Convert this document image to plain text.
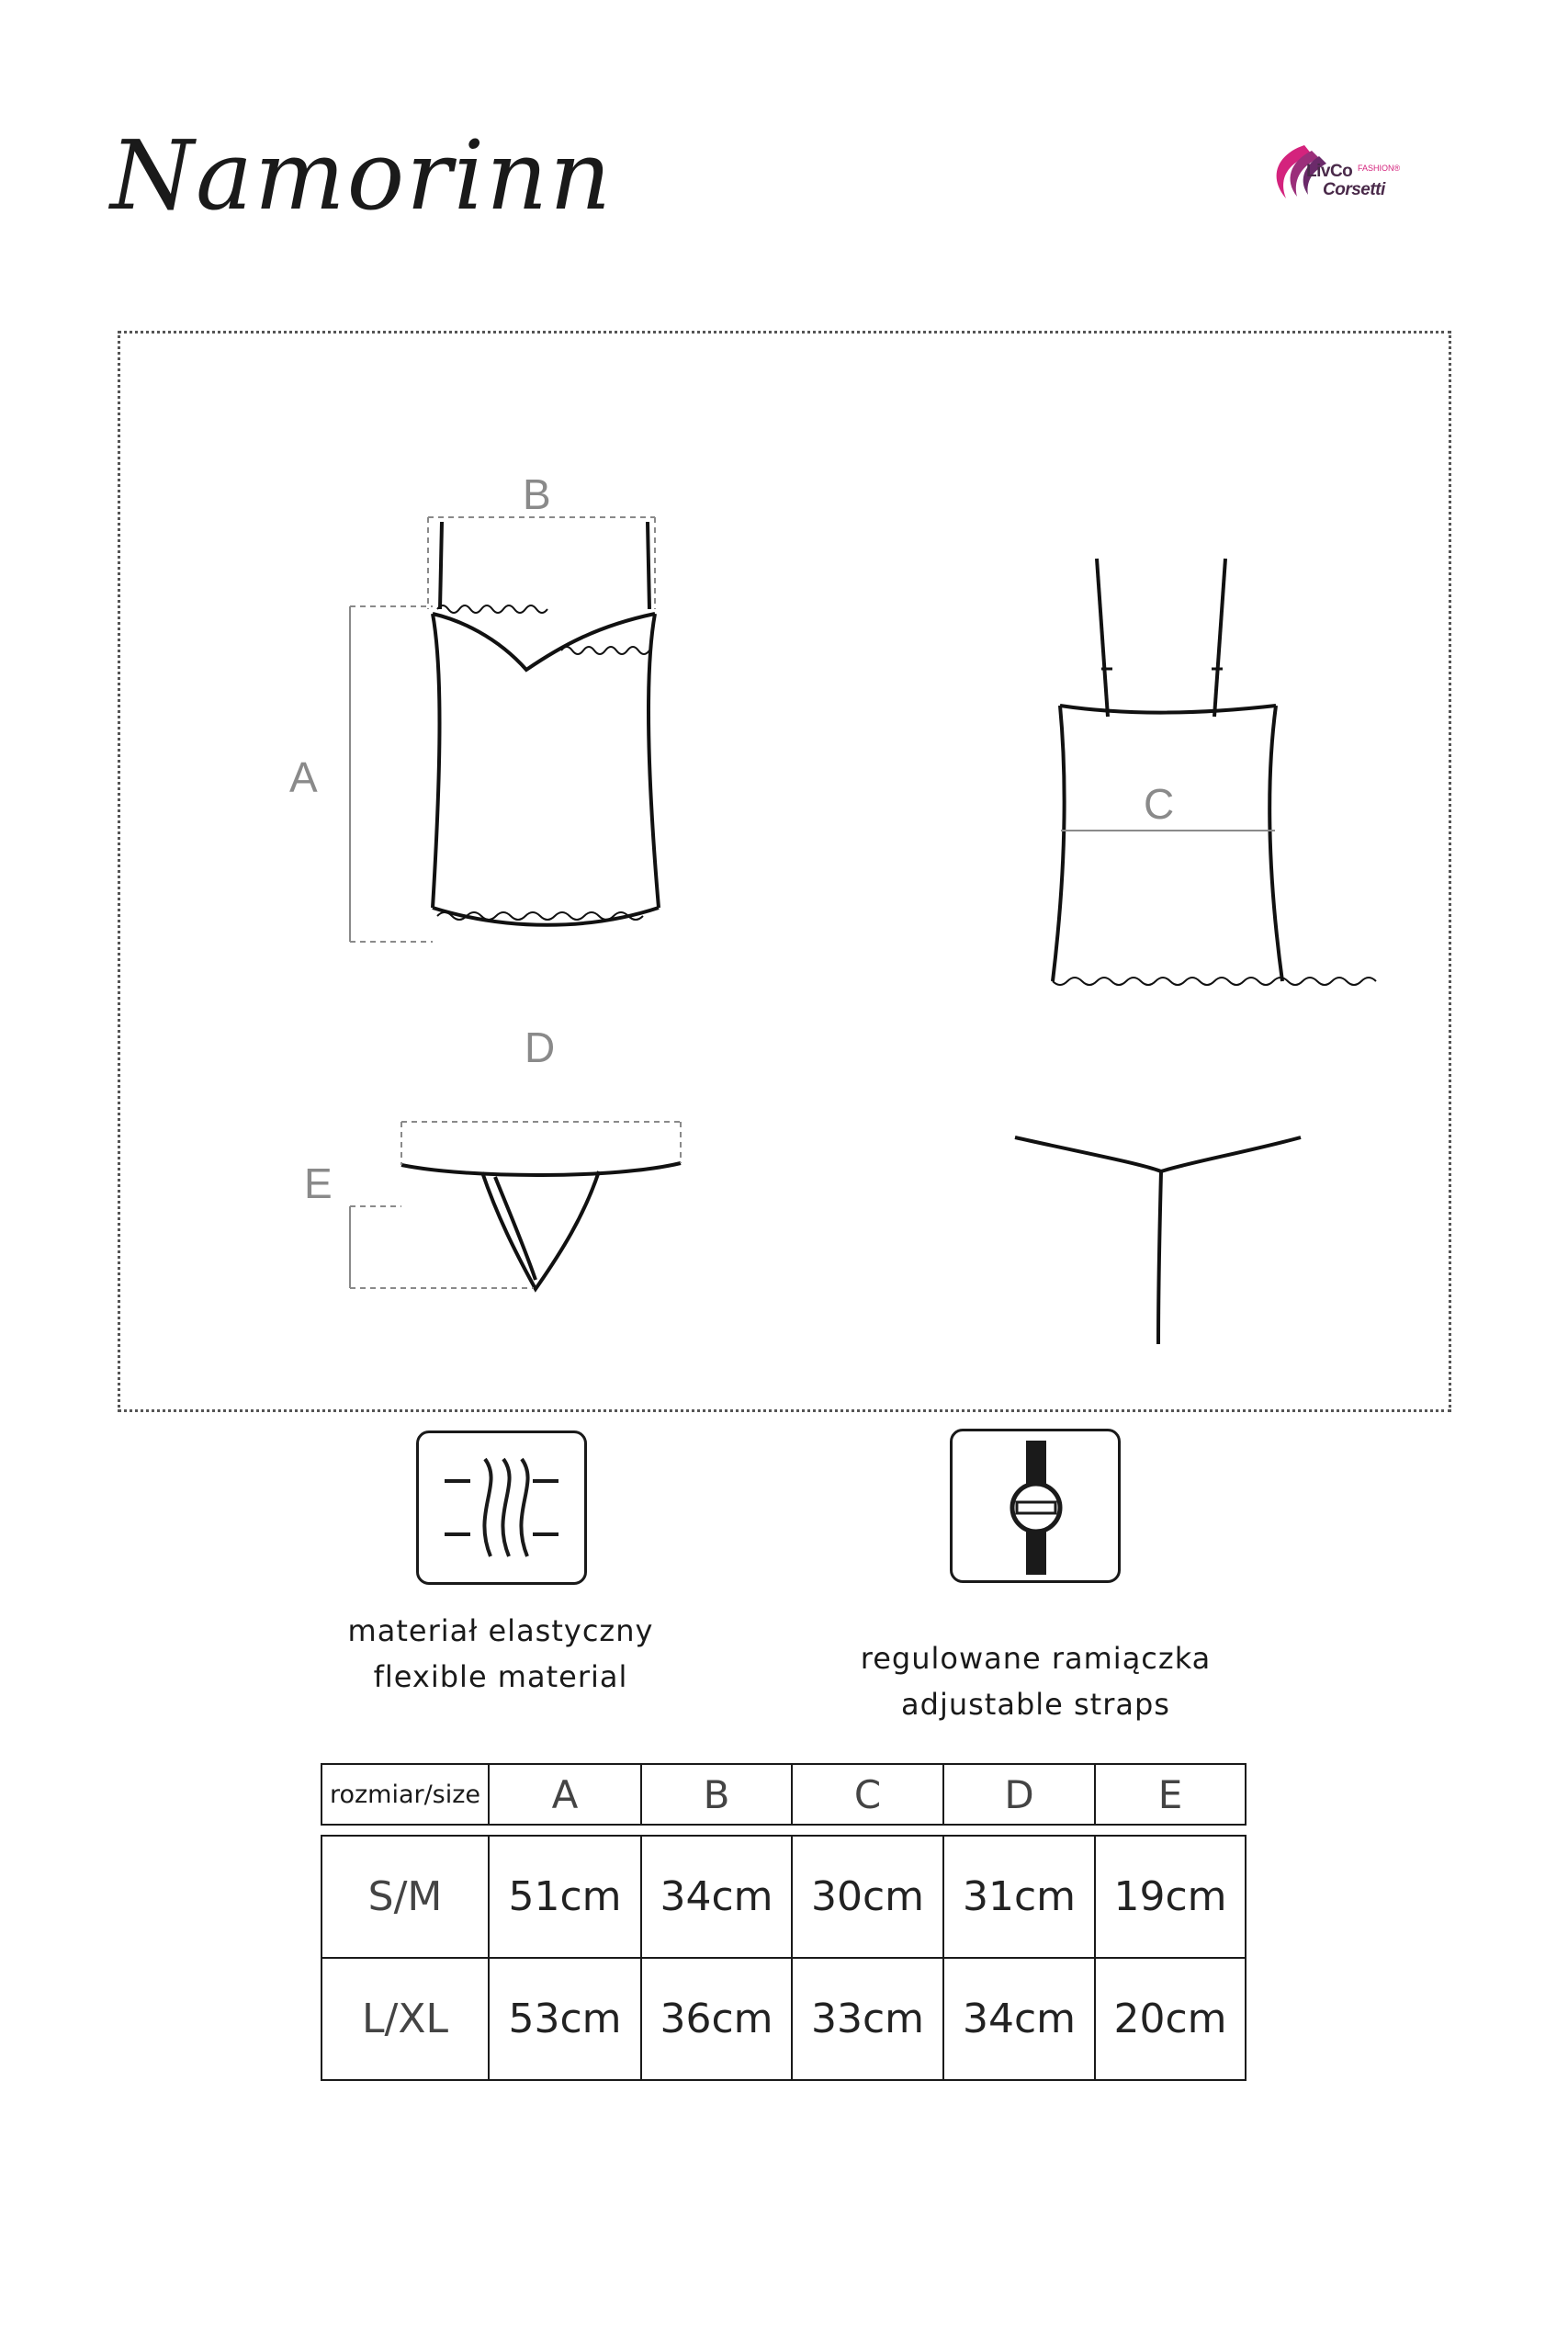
Namorinn	LivCo FASHION®
Corsetti
B
A
C
D
E
materiał elastyczny
flexible material
regulowane ramiączka
adjustable straps
rozmiar/size	A	B	C	D	E

S/M	51cm	34cm	30cm	31cm	19cm
L/XL	53cm	36cm	33cm	34cm	20cm
